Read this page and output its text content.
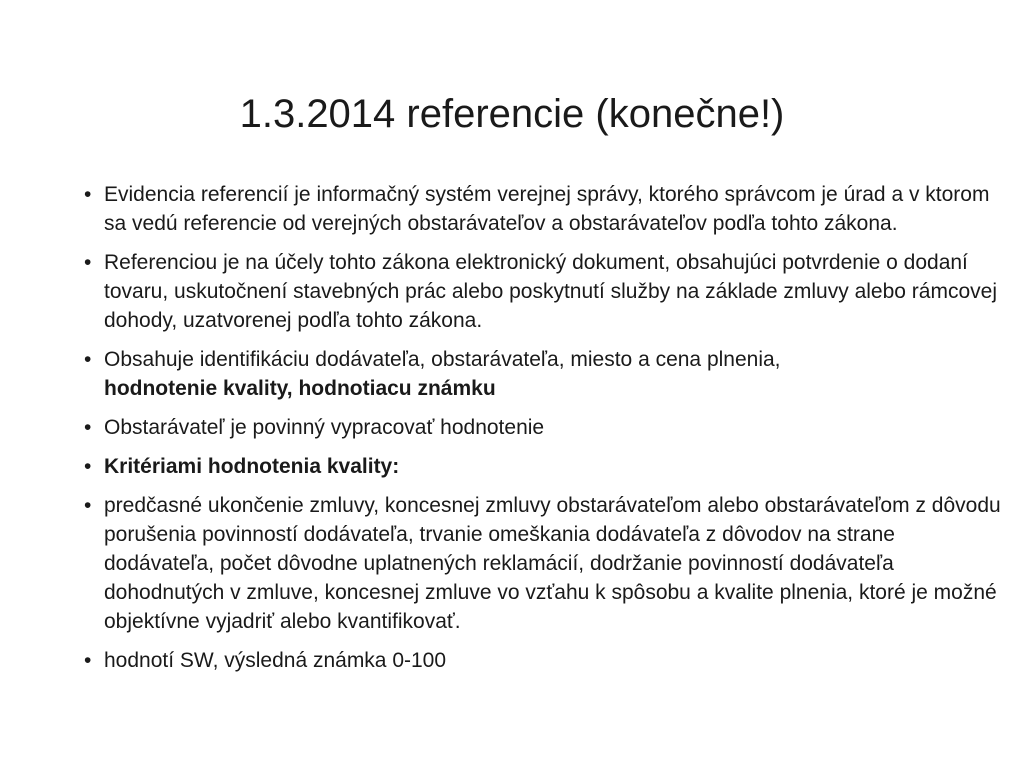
1.3.2014 referencie (konečne!)
• Evidencia referencií je informačný systém verejnej správy, ktorého správcom je úrad a v ktorom sa vedú referencie od verejných obstarávateľov a obstarávateľov podľa tohto zákona.
• Referenciou je na účely tohto zákona elektronický dokument, obsahujúci potvrdenie o dodaní tovaru, uskutočnení stavebných prác alebo poskytnutí služby na základe zmluvy alebo rámcovej dohody, uzatvorenej podľa tohto zákona.
• Obsahuje identifikáciu dodávateľa, obstarávateľa, miesto a cena plnenia,
hodnotenie kvality, hodnotiacu známku
• Obstarávateľ je povinný vypracovať hodnotenie
• Kritériami hodnotenia kvality:
• predčasné ukončenie zmluvy, koncesnej zmluvy obstarávateľom alebo obstarávateľom z dôvodu porušenia povinností dodávateľa, trvanie omeškania dodávateľa z dôvodov na strane dodávateľa, počet dôvodne uplatnených reklamácií, dodržanie povinností dodávateľa dohodnutých v zmluve, koncesnej zmluve vo vzťahu k spôsobu a kvalite plnenia, ktoré je možné objektívne vyjadriť alebo kvantifikovať.
• hodnotí SW, výsledná známka 0-100
